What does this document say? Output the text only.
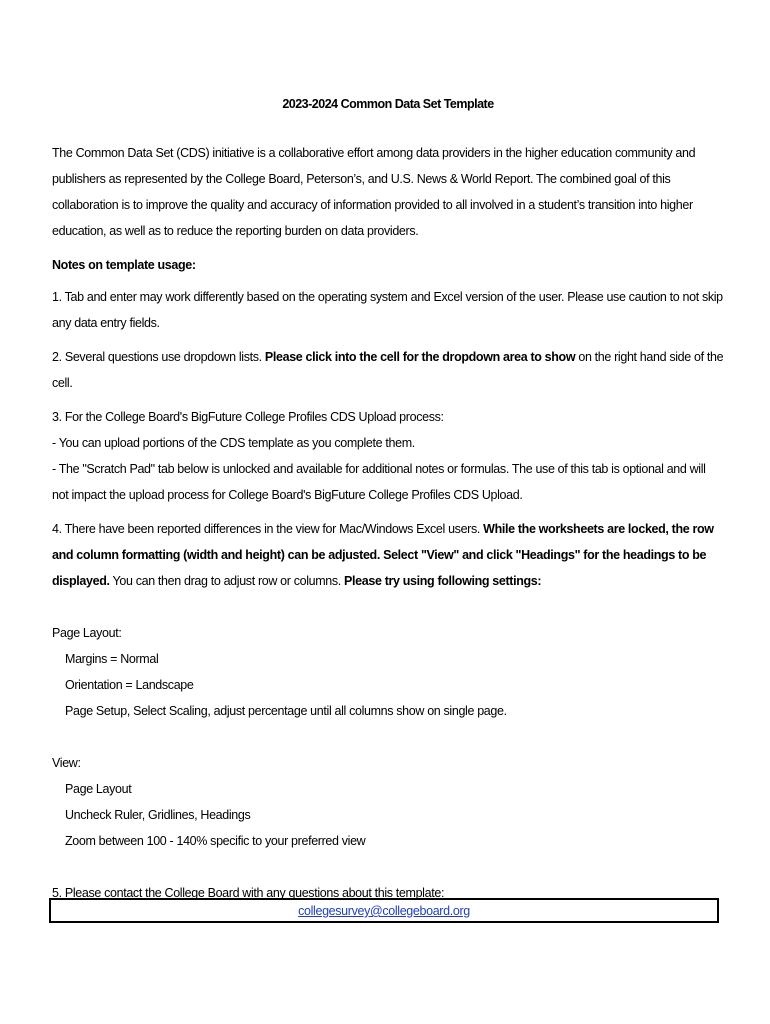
2023-2024 Common Data Set Template

The Common Data Set (CDS) initiative is a collaborative effort among data providers in the higher education community and publishers as represented by the College Board, Peterson’s, and U.S. News & World Report. The combined goal of this collaboration is to improve the quality and accuracy of information provided to all involved in a student’s transition into higher education, as well as to reduce the reporting burden on data providers.

Notes on template usage:

1. Tab and enter may work differently based on the operating system and Excel version of the user. Please use caution to not skip any data entry fields.

2. Several questions use dropdown lists. Please click into the cell for the dropdown area to show on the right hand side of the cell.

3. For the College Board's BigFuture College Profiles CDS Upload process:

- You can upload portions of the CDS template as you complete them.

- The "Scratch Pad" tab below is unlocked and available for additional notes or formulas. The use of this tab is optional and will not impact the upload process for College Board's BigFuture College Profiles CDS Upload.

4. There have been reported differences in the view for Mac/Windows Excel users. While the worksheets are locked, the row and column formatting (width and height) can be adjusted. Select "View" and click "Headings" for the headings to be displayed. You can then drag to adjust row or columns. Please try using following settings:

Page Layout:

Margins = Normal

Orientation = Landscape

Page Setup, Select Scaling, adjust percentage until all columns show on single page.

View:

Page Layout

Uncheck Ruler, Gridlines, Headings

Zoom between 100 - 140% specific to your preferred view

5. Please contact the College Board with any questions about this template:

collegesurvey@collegeboard.org
